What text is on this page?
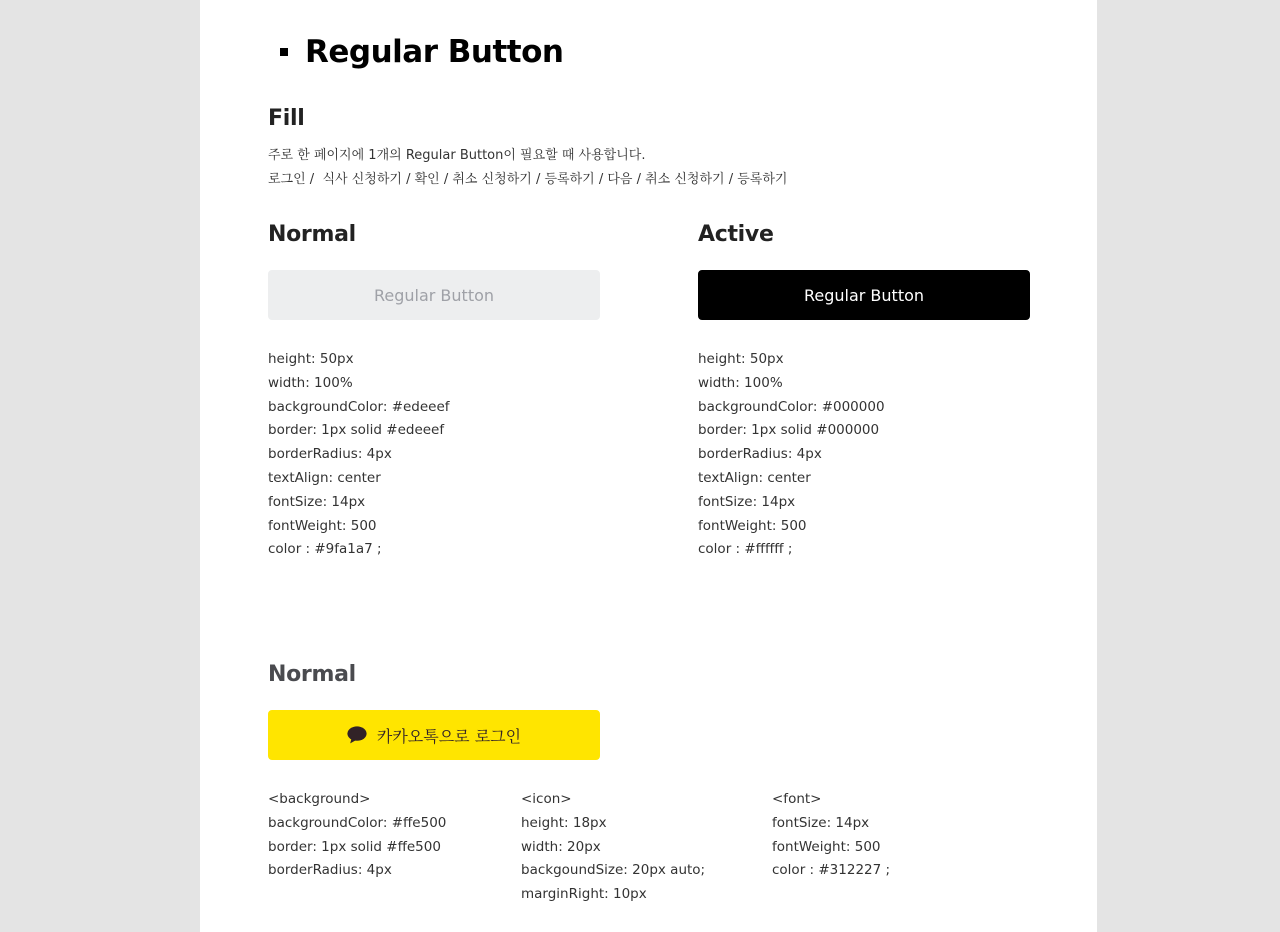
Regular Button
Fill
주로 한 페이지에 1개의 Regular Button이 필요할 때 사용합니다.
로그인 /  식사 신청하기 / 확인 / 취소 신청하기 / 등록하기 / 다음 / 취소 신청하기 / 등록하기
Normal	Active
Regular Button	Regular Button
height: 50px
width: 100%
backgroundColor: #edeeef
border: 1px solid #edeeef
borderRadius: 4px
textAlign: center
fontSize: 14px
fontWeight: 500
color : #9fa1a7 ;
height: 50px
width: 100%
backgroundColor: #000000
border: 1px solid #000000
borderRadius: 4px
textAlign: center
fontSize: 14px
fontWeight: 500
color : #ffffff ;
Normal
카카오톡으로 로그인
<background>
backgroundColor: #ffe500
border: 1px solid #ffe500
borderRadius: 4px
<icon>
height: 18px
width: 20px
backgoundSize: 20px auto;
marginRight: 10px
<font>
fontSize: 14px
fontWeight: 500
color : #312227 ;
